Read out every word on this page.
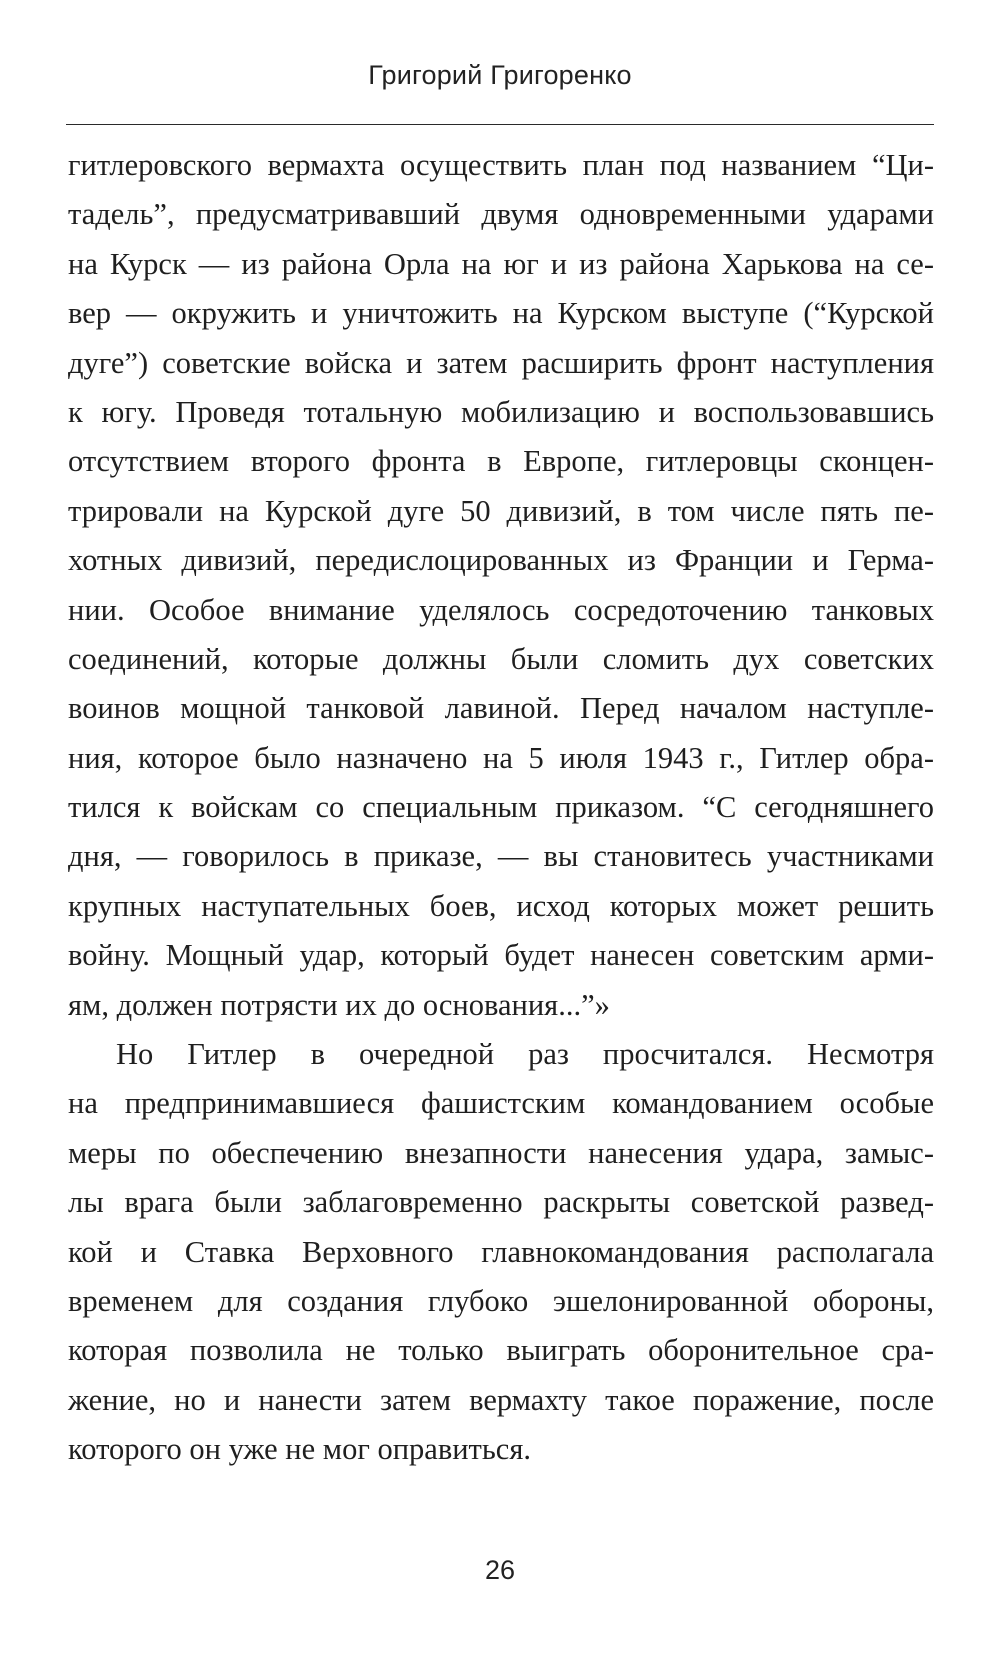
Григорий Григоренко
гитлеровского вермахта осуществить план под названием “Ци-
тадель”, предусматривавший двумя одновременными ударами
на Курск — из района Орла на юг и из района Харькова на се-
вер — окружить и уничтожить на Курском выступе (“Курской
дуге”) советские войска и затем расширить фронт наступления
к югу. Проведя тотальную мобилизацию и воспользовавшись
отсутствием второго фронта в Европе, гитлеровцы сконцен-
трировали на Курской дуге 50 дивизий, в том числе пять пе-
хотных дивизий, передислоцированных из Франции и Герма-
нии. Особое внимание уделялось сосредоточению танковых
соединений, которые должны были сломить дух советских
воинов мощной танковой лавиной. Перед началом наступле-
ния, которое было назначено на 5 июля 1943 г., Гитлер обра-
тился к войскам со специальным приказом. “С сегодняшнего
дня, — говорилось в приказе, — вы становитесь участниками
крупных наступательных боев, исход которых может решить
войну. Мощный удар, который будет нанесен советским арми-
ям, должен потрясти их до основания...”»
Но Гитлер в очередной раз просчитался. Несмотря
на предпринимавшиеся фашистским командованием особые
меры по обеспечению внезапности нанесения удара, замыс-
лы врага были заблаговременно раскрыты советской развед-
кой и Ставка Верховного главнокомандования располагала
временем для создания глубоко эшелонированной обороны,
которая позволила не только выиграть оборонительное сра-
жение, но и нанести затем вермахту такое поражение, после
которого он уже не мог оправиться.
26
